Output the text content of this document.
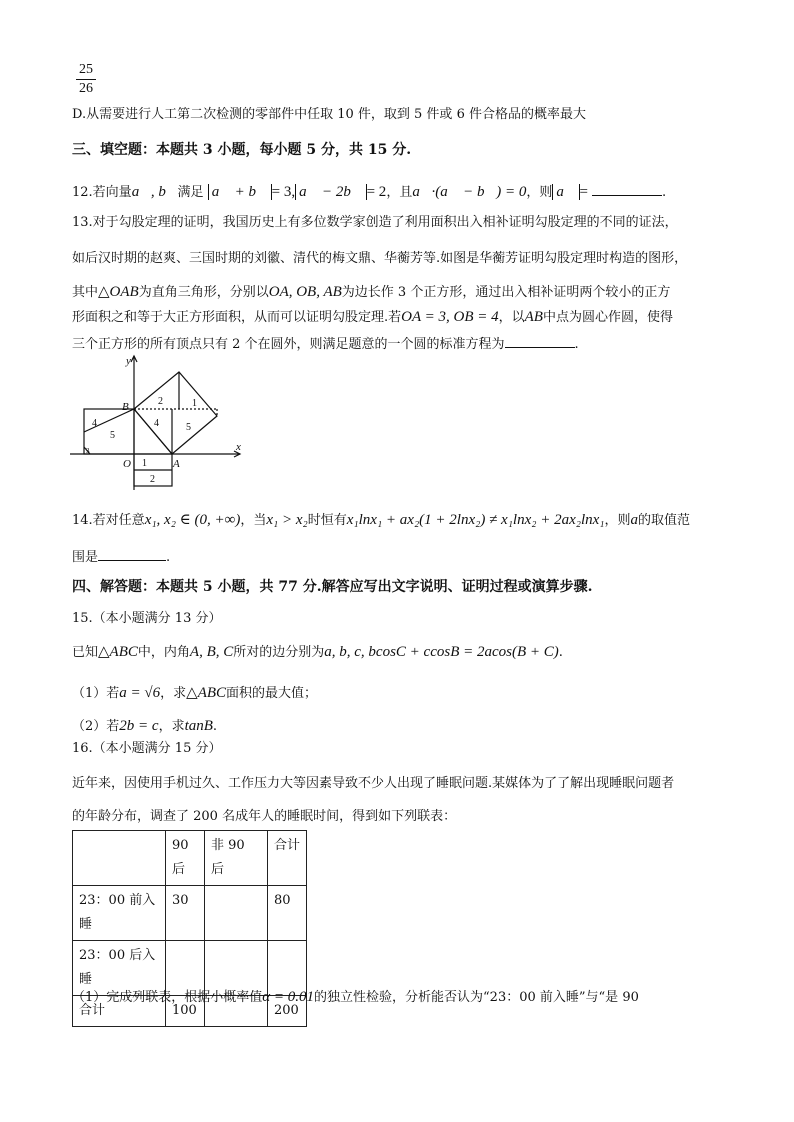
25
26
D.从需要进行人工第二次检测的零部件中任取 10 件，取到 5 件或 6 件合格品的概率最大
三、填空题：本题共 3 小题，每小题 5 分，共 15 分.
12.若向量a⃗, b⃗满足 a⃗ + b⃗ = 3, a⃗ − 2b⃗ = 2，且a⃗·(a⃗ − b⃗) = 0，则 a⃗ =	.
13.对于勾股定理的证明，我国历史上有多位数学家创造了利用面积出入相补证明勾股定理的不同的证法，
如后汉时期的赵爽、三国时期的刘徽、清代的梅文鼎、华蘅芳等.如图是华蘅芳证明勾股定理时构造的图形，
其中△OAB为直角三角形，分别以OA, OB, AB为边长作 3 个正方形，通过出入相补证明两个较小的正方
形面积之和等于大正方形面积，从而可以证明勾股定理.若OA = 3, OB = 4，以AB中点为圆心作圆，使得
三个正方形的所有顶点只有 2 个在圆外，则满足题意的一个圆的标准方程为	.
y
x
B
O	A
1
2
4
5
4	5
1
2
3
14.若对任意x₁, x₂ ∈ (0, +∞)，当x₁ > x₂时恒有x₁lnx₁ + ax₂(1 + 2lnx₂) ≠ x₁lnx₂ + 2ax₂lnx₁，则a的取值范
围是	.
四、解答题：本题共 5 小题，共 77 分.解答应写出文字说明、证明过程或演算步骤.
15.（本小题满分 13 分）
已知△ABC中，内角A, B, C所对的边分别为a, b, c, bcosC + ccosB = 2acos(B + C).
（1）若a = √6，求△ABC面积的最大值；
（2）若2b = c，求tanB.
16.（本小题满分 15 分）
近年来，因使用手机过久、工作压力大等因素导致不少人出现了睡眠问题.某媒体为了了解出现睡眠问题者
的年龄分布，调查了 200 名成年人的睡眠时间，得到如下列联表：
	90 后	非 90 后	合计
23：00 前入睡	30		80
23：00 后入睡			
合计	100		200
（1）完成列联表，根据小概率值α = 0.01的独立性检验，分析能否认为“23：00 前入睡”与“是 90
